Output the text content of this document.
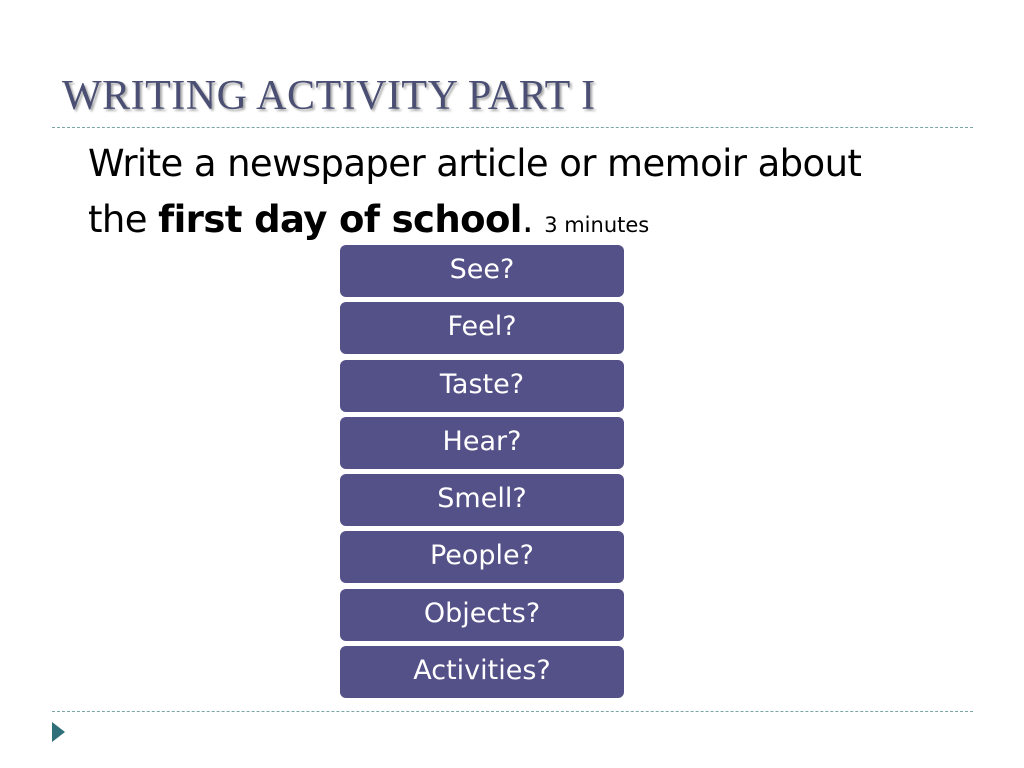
WRITING ACTIVITY PART I

Write a newspaper article or memoir about
the first day of school. 3 minutes

See?
Feel?
Taste?
Hear?
Smell?
People?
Objects?
Activities?
